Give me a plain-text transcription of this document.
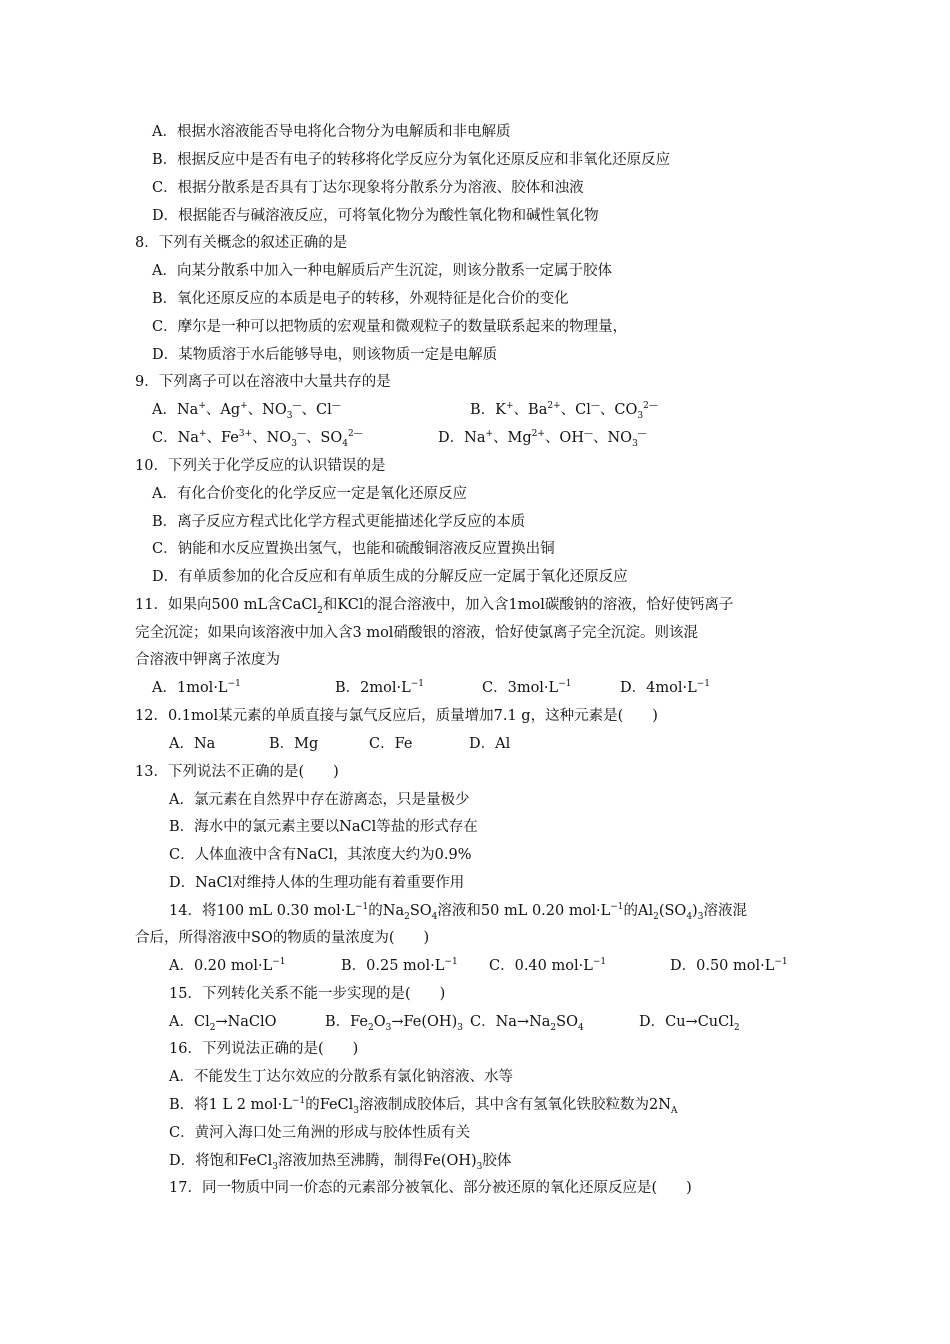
A．根据水溶液能否导电将化合物分为电解质和非电解质
B．根据反应中是否有电子的转移将化学反应分为氧化还原反应和非氧化还原反应
C．根据分散系是否具有丁达尔现象将分散系分为溶液、胶体和浊液
D．根据能否与碱溶液反应，可将氧化物分为酸性氧化物和碱性氧化物
8．下列有关概念的叙述正确的是
A．向某分散系中加入一种电解质后产生沉淀，则该分散系一定属于胶体
B．氧化还原反应的本质是电子的转移，外观特征是化合价的变化
C．摩尔是一种可以把物质的宏观量和微观粒子的数量联系起来的物理量，
D．某物质溶于水后能够导电，则该物质一定是电解质
9．下列离子可以在溶液中大量共存的是
A．Na+、Ag+、$NO_3^—$、Cl—	B．K+、$Ba^{2+}$、Cl—、$CO_3^{2—}$
C．Na+、$Fe^{3+}$、$NO_3^—$、$SO_4^{2—}$	D．Na+、$Mg^{2+}$、OH—、$NO_3^—$
10．下列关于化学反应的认识错误的是
A．有化合价变化的化学反应一定是氧化还原反应
B．离子反应方程式比化学方程式更能描述化学反应的本质
C．钠能和水反应置换出氢气，也能和硫酸铜溶液反应置换出铜
D．有单质参加的化合反应和有单质生成的分解反应一定属于氧化还原反应
11．如果向500 mL含CaCl$_2$和KCl的混合溶液中，加入含1mol碳酸钠的溶液，恰好使钙离子
完全沉淀；如果向该溶液中加入含3 mol硝酸银的溶液，恰好使氯离子完全沉淀。则该混
合溶液中钾离子浓度为
A．$1mol\cdot L^{-1}$	B．$2mol\cdot L^{-1}$	C．$3mol\cdot L^{-1}$	D．$4mol\cdot L^{-1}$
12．0.1mol某元素的单质直接与氯气反应后，质量增加7.1 g，这种元素是(　　)
A．Na	B．Mg	C．Fe	D．Al
13．下列说法不正确的是(　　)
A．氯元素在自然界中存在游离态，只是量极少
B．海水中的氯元素主要以NaCl等盐的形式存在
C．人体血液中含有NaCl，其浓度大约为0.9%
D．NaCl对维持人体的生理功能有着重要作用
14．将100 mL 0.30 $mol\cdot L^{-1}$的$Na_2SO_4$溶液和50 mL 0.20 $mol\cdot L^{-1}$的$Al_2(SO_4)_3$溶液混
合后，所得溶液中SO的物质的量浓度为(　　)
A．0.20 $mol\cdot L^{-1}$	B．0.25 $mol\cdot L^{-1}$ C．0.40 $mol\cdot L^{-1}$	D．0.50 $mol\cdot L^{-1}$
15．下列转化关系不能一步实现的是(　　)
A．$Cl_2\to NaClO$	B．$Fe_2O_3\to Fe(OH)_3$ C．$Na\to Na_2SO_4$	D．Cu→CuCl$_2$
16．下列说法正确的是(　　)
A．不能发生丁达尔效应的分散系有氯化钠溶液、水等
B．将1 L 2 $mol\cdot L^{-1}$的FeCl$_3$溶液制成胶体后，其中含有氢氧化铁胶粒数为$2N_A$
C．黄河入海口处三角洲的形成与胶体性质有关
D．将饱和FeCl$_3$溶液加热至沸腾，制得$Fe(OH)_3$胶体
17．同一物质中同一价态的元素部分被氧化、部分被还原的氧化还原反应是(　　)
